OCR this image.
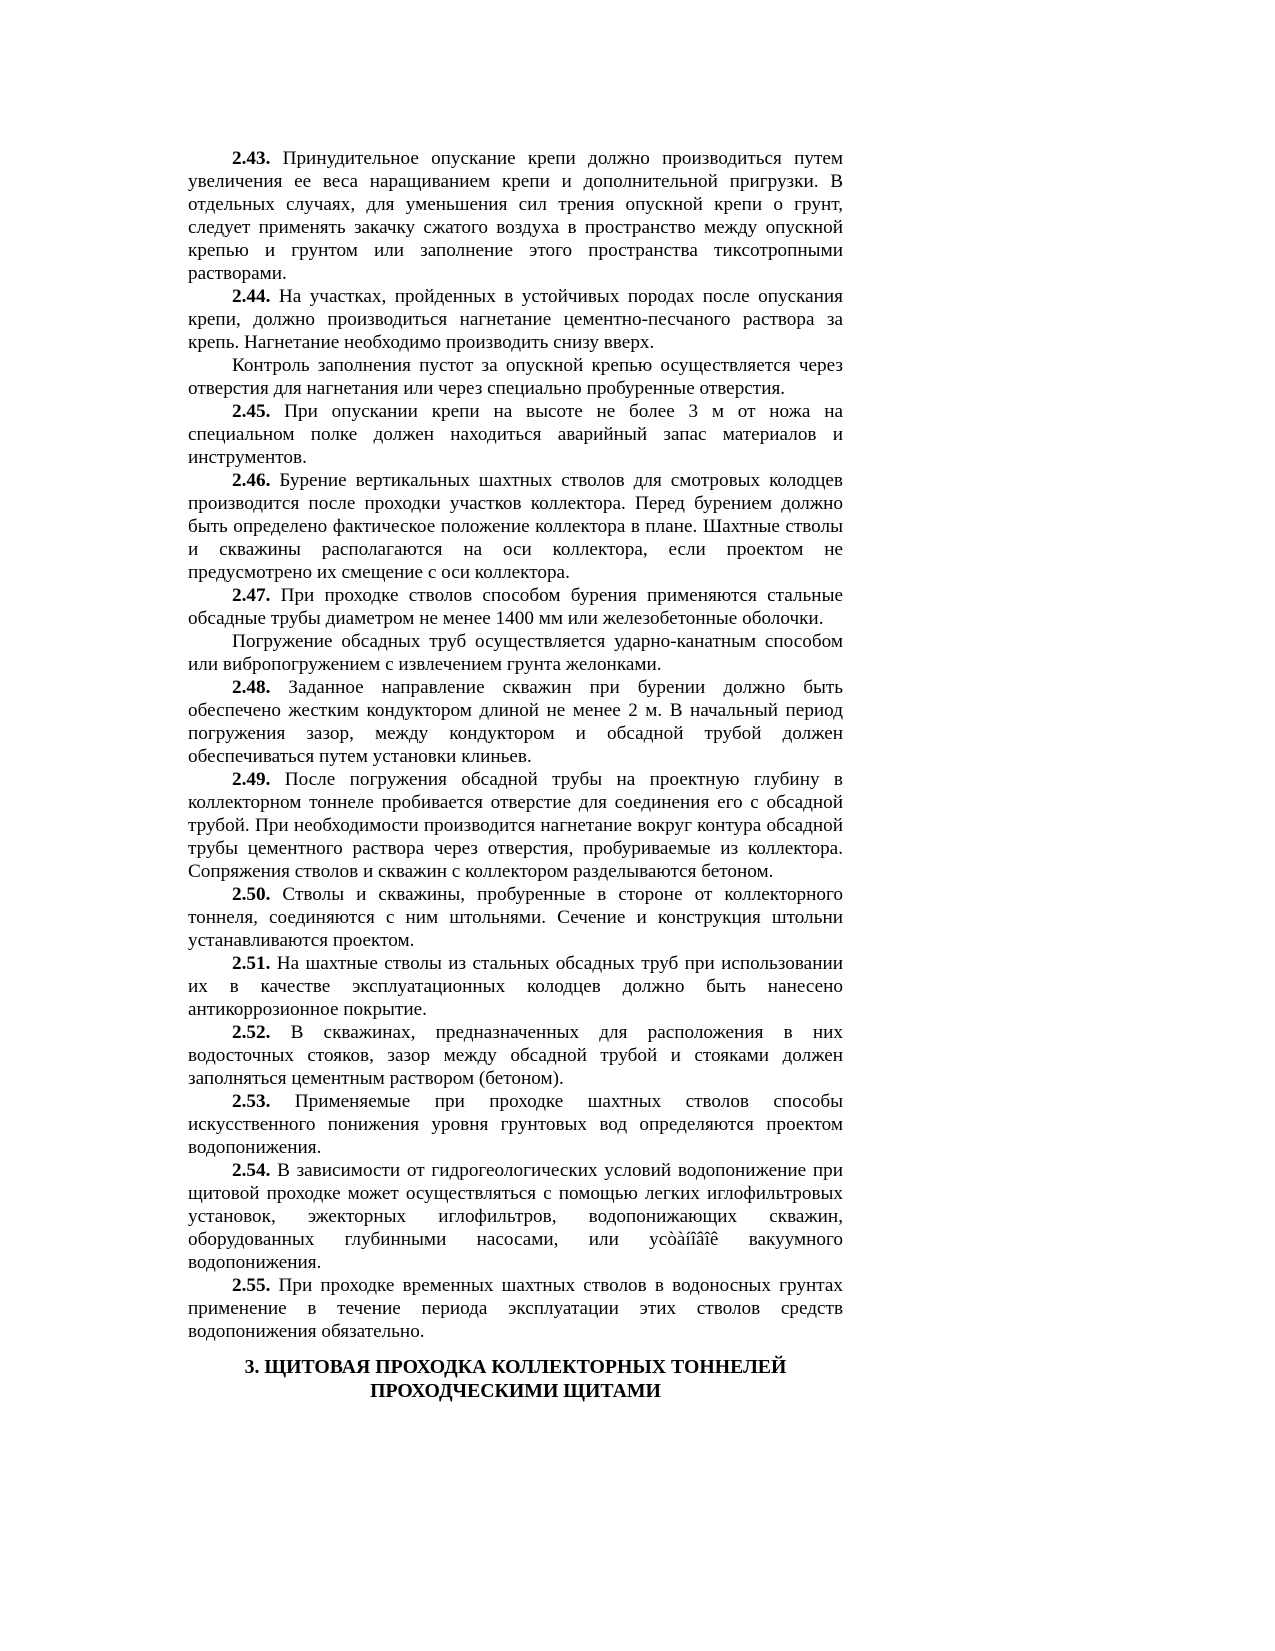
2.43. Принудительное опускание крепи должно производиться путем увеличения ее веса наращиванием крепи и дополнительной пригрузки. В отдельных случаях, для уменьшения сил трения опускной крепи о грунт, следует применять закачку сжатого воздуха в пространство между опускной крепью и грунтом или заполнение этого пространства тиксотропными растворами.

2.44. На участках, пройденных в устойчивых породах после опускания крепи, должно производиться нагнетание цементно-песчаного раствора за крепь. Нагнетание необходимо производить снизу вверх.

Контроль заполнения пустот за опускной крепью осуществляется через отверстия для нагнетания или через специально пробуренные отверстия.

2.45. При опускании крепи на высоте не более 3 м от ножа на специальном полке должен находиться аварийный запас материалов и инструментов.

2.46. Бурение вертикальных шахтных стволов для смотровых колодцев производится после проходки участков коллектора. Перед бурением должно быть определено фактическое положение коллектора в плане. Шахтные стволы и скважины располагаются на оси коллектора, если проектом не предусмотрено их смещение с оси коллектора.

2.47. При проходке стволов способом бурения применяются стальные обсадные трубы диаметром не менее 1400 мм или железобетонные оболочки.

Погружение обсадных труб осуществляется ударно-канатным способом или вибропогружением с извлечением грунта желонками.

2.48. Заданное направление скважин при бурении должно быть обеспечено жестким кондуктором длиной не менее 2 м. В начальный период погружения зазор, между кондуктором и обсадной трубой должен обеспечиваться путем установки клиньев.

2.49. После погружения обсадной трубы на проектную глубину в коллекторном тоннеле пробивается отверстие для соединения его с обсадной трубой. При необходимости производится нагнетание вокруг контура обсадной трубы цементного раствора через отверстия, пробуриваемые из коллектора. Сопряжения стволов и скважин с коллектором разделываются бетоном.

2.50. Стволы и скважины, пробуренные в стороне от коллекторного тоннеля, соединяются с ним штольнями. Сечение и конструкция штольни устанавливаются проектом.

2.51. На шахтные стволы из стальных обсадных труб при использовании их в качестве эксплуатационных колодцев должно быть нанесено антикоррозионное покрытие.

2.52. В скважинах, предназначенных для расположения в них водосточных стояков, зазор между обсадной трубой и стояками должен заполняться цементным раствором (бетоном).

2.53. Применяемые при проходке шахтных стволов способы искусственного понижения уровня грунтовых вод определяются проектом водопонижения.

2.54. В зависимости от гидрогеологических условий водопонижение при щитовой проходке может осуществляться с помощью легких иглофильтровых установок, эжекторных иглофильтров, водопонижающих скважин, оборудованных глубинными насосами, или усòàíîâîê вакуумного водопонижения.

2.55. При проходке временных шахтных стволов в водоносных грунтах применение в течение периода эксплуатации этих стволов средств водопонижения обязательно.

3. ЩИТОВАЯ ПРОХОДКА КОЛЛЕКТОРНЫХ ТОННЕЛЕЙ
ПРОХОДЧЕСКИМИ ЩИТАМИ
